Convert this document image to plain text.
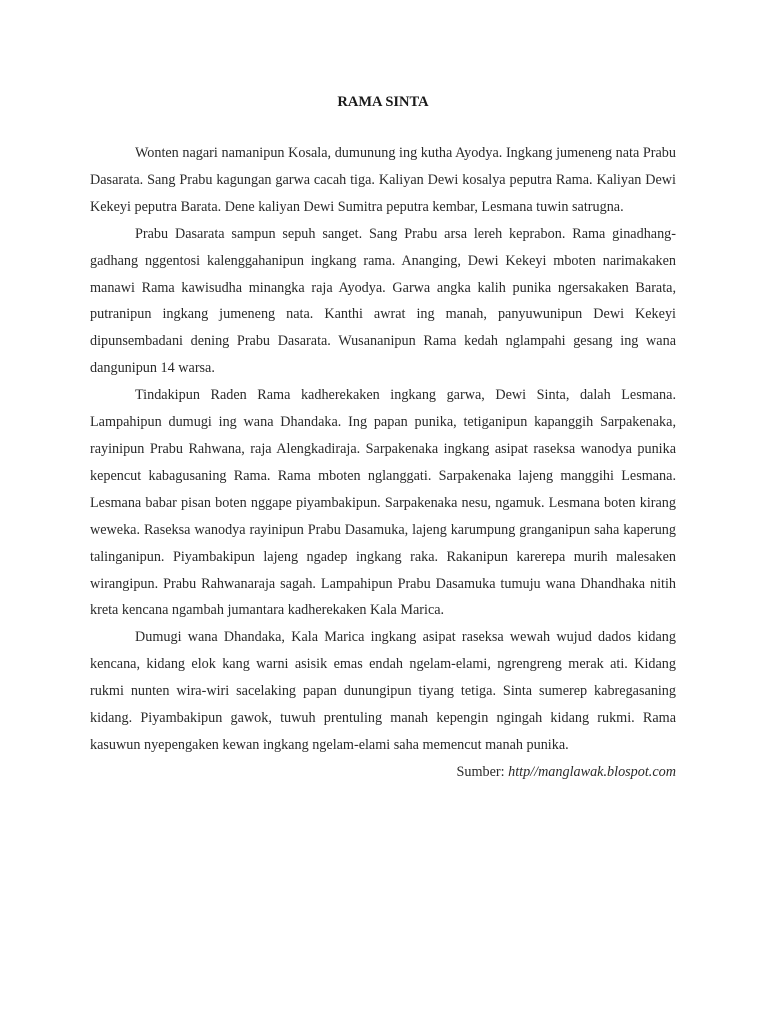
RAMA SINTA

Wonten nagari namanipun Kosala, dumunung ing kutha Ayodya. Ingkang jumeneng nata Prabu Dasarata. Sang Prabu kagungan garwa cacah tiga. Kaliyan Dewi kosalya peputra Rama. Kaliyan Dewi Kekeyi peputra Barata. Dene kaliyan Dewi Sumitra peputra kembar, Lesmana tuwin satrugna.

Prabu Dasarata sampun sepuh sanget. Sang Prabu arsa lereh keprabon. Rama ginadhang-gadhang nggentosi kalenggahanipun ingkang rama. Ananging, Dewi Kekeyi mboten narimakaken manawi Rama kawisudha minangka raja Ayodya. Garwa angka kalih punika ngersakaken Barata, putranipun ingkang jumeneng nata. Kanthi awrat ing manah, panyuwunipun Dewi Kekeyi dipunsembadani dening Prabu Dasarata. Wusananipun Rama kedah nglampahi gesang ing wana dangunipun 14 warsa.

Tindakipun Raden Rama kadherekaken ingkang garwa, Dewi Sinta, dalah Lesmana. Lampahipun dumugi ing wana Dhandaka. Ing papan punika, tetiganipun kapanggih Sarpakenaka, rayinipun Prabu Rahwana, raja Alengkadiraja. Sarpakenaka ingkang asipat raseksa wanodya punika kepencut kabagusaning Rama. Rama mboten nglanggati. Sarpakenaka lajeng manggihi Lesmana. Lesmana babar pisan boten nggape piyambakipun. Sarpakenaka nesu, ngamuk. Lesmana boten kirang weweka. Raseksa wanodya rayinipun Prabu Dasamuka, lajeng karumpung granganipun saha kaperung talinganipun. Piyambakipun lajeng ngadep ingkang raka. Rakanipun karerepa murih malesaken wirangipun. Prabu Rahwanaraja sagah. Lampahipun Prabu Dasamuka tumuju wana Dhandhaka nitih kreta kencana ngambah jumantara kadherekaken Kala Marica.

Dumugi wana Dhandaka, Kala Marica ingkang asipat raseksa wewah wujud dados kidang kencana, kidang elok kang warni asisik emas endah ngelam-elami, ngrengreng merak ati. Kidang rukmi nunten wira-wiri sacelaking papan dunungipun tiyang tetiga. Sinta sumerep kabregasaning kidang. Piyambakipun gawok, tuwuh prentuling manah kepengin ngingah kidang rukmi. Rama kasuwun nyepengaken kewan ingkang ngelam-elami saha memencut manah punika.

Sumber: http//manglawak.blospot.com
